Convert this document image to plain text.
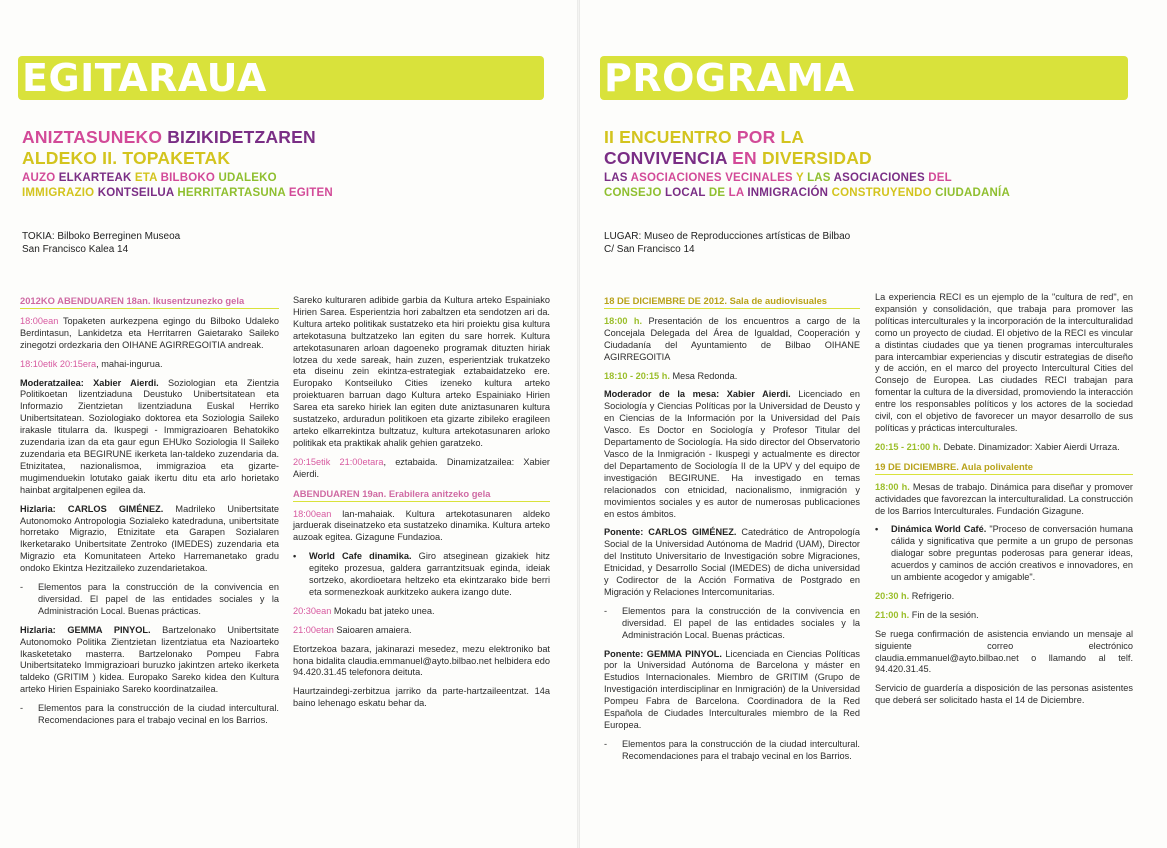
EGITARAUA
ANIZTASUNEKO BIZIKIDETZAREN
ALDEKO II. TOPAKETAK
AUZO ELKARTEAK ETA BILBOKO UDALEKO
IMMIGRAZIO KONTSEILUA HERRITARTASUNA EGITEN
TOKIA: Bilboko Berreginen Museoa
San Francisco Kalea 14
2012KO ABENDUAREN 18an. Ikusentzunezko gela

18:00ean Topaketen aurkezpena egingo du Bilboko Udaleko Berdintasun, Lankidetza eta Herritarren Gaietarako Saileko zinegotzi ordezkaria den OIHANE AGIRREGOITIA andreak.

18:10etik 20:15era, mahai-ingurua.

Moderatzailea: Xabier Aierdi. Soziologian eta Zientzia Politikoetan lizentziaduna Deustuko Unibertsitatean eta Informazio Zientzietan lizentziaduna Euskal Herriko Unibertsitatean. Soziologiako doktorea eta Soziologia Saileko irakasle titularra da. Ikuspegi - Immigrazioaren Behatokiko zuzendaria izan da eta gaur egun EHUko Soziologia II Saileko zuzendaria eta BEGIRUNE ikerketa lan-taldeko zuzendaria da. Etnizitatea, nazionalismoa, immigrazioa eta gizarte-mugimenduekin lotutako gaiak ikertu ditu eta arlo horietako hainbat argitalpenen egilea da.

Hizlaria: CARLOS GIMÉNEZ. Madrileko Unibertsitate Autonomoko Antropologia Sozialeko katedraduna, unibertsitate horretako Migrazio, Etnizitate eta Garapen Sozialaren Ikerketarako Unibertsitate Zentroko (IMEDES) zuzendaria eta Migrazio eta Komunitateen Arteko Harremanetako gradu ondoko Ekintza Hezitzaileko zuzendarietakoa.

-	Elementos para la construcción de la convivencia en diversidad. El papel de las entidades sociales y la Administración Local. Buenas prácticas.

Hizlaria: GEMMA PINYOL. Bartzelonako Unibertsitate Autonomoko Politika Zientzietan lizentziatua eta Nazioarteko Ikasketetako masterra. Bartzelonako Pompeu Fabra Unibertsitateko Immigrazioari buruzko jakintzen arteko ikerketa taldeko (GRITIM ) kidea. Europako Sareko kidea den Kultura arteko Hirien Espainiako Sareko koordinatzailea.

-	Elementos para la construcción de la ciudad intercultural. Recomendaciones para el trabajo vecinal en los Barrios.

Sareko kulturaren adibide garbia da Kultura arteko Espainiako Hirien Sarea. Esperientzia hori zabaltzen eta sendotzen ari da. Kultura arteko politikak sustatzeko eta hiri proiektu gisa kultura artekotasuna bultzatzeko lan egiten du sare horrek. Kultura artekotasunaren arloan dagoeneko programak dituzten hiriak lotzea du xede sareak, hain zuzen, esperientziak trukatzeko eta diseinu zein ekintza-estrategiak eztabaidatzeko ere. Europako Kontseiluko Cities izeneko kultura arteko proiektuaren barruan dago Kultura arteko Espainiako Hirien Sarea eta sareko hiriek lan egiten dute aniztasunaren kultura sustatzeko, arduradun politikoen eta gizarte zibileko eragileen arteko elkarrekintza bultzatuz, kultura artekotasunaren arloko politikak eta praktikak ahalik gehien garatzeko.

20:15etik 21:00etara, eztabaida. Dinamizatzailea: Xabier Aierdi.

ABENDUAREN 19an. Erabilera anitzeko gela

18:00ean lan-mahaiak. Kultura artekotasunaren aldeko jarduerak diseinatzeko eta sustatzeko dinamika. Kultura arteko auzoak egitea. Gizagune Fundazioa.

•	World Cafe dinamika. Giro atseginean gizakiek hitz egiteko prozesua, galdera garrantzitsuak eginda, ideiak sortzeko, akordioetara heltzeko eta ekintzarako bide berri eta sormenezkoak aurkitzeko aukera izango dute.

20:30ean Mokadu bat jateko unea.

21:00etan Saioaren amaiera.

Etortzekoa bazara, jakinarazi mesedez, mezu elektroniko bat hona bidalita claudia.emmanuel@ayto.bilbao.net helbidera edo 94.420.31.45 telefonora deituta.

Haurtzaindegi-zerbitzua jarriko da parte-hartzaileentzat. 14a baino lehenago eskatu behar da.

PROGRAMA
II ENCUENTRO POR LA
CONVIVENCIA EN DIVERSIDAD
LAS ASOCIACIONES VECINALES Y LAS ASOCIACIONES DEL
CONSEJO LOCAL DE LA INMIGRACIÓN CONSTRUYENDO CIUDADANÍA
LUGAR: Museo de Reproducciones artísticas de Bilbao
C/ San Francisco 14
18 DE DICIEMBRE DE 2012. Sala de audiovisuales

18:00 h. Presentación de los encuentros a cargo de la Concejala Delegada del Área de Igualdad, Cooperación y Ciudadanía del Ayuntamiento de Bilbao OIHANE AGIRREGOITIA

18:10 - 20:15 h. Mesa Redonda.

Moderador de la mesa: Xabier Aierdi. Licenciado en Sociología y Ciencias Políticas por la Universidad de Deusto y en Ciencias de la Información por la Universidad del País Vasco. Es Doctor en Sociología y Profesor Titular del Departamento de Sociología. Ha sido director del Observatorio Vasco de la Inmigración - Ikuspegi y actualmente es director del Departamento de Sociología II de la UPV y del equipo de investigación BEGIRUNE. Ha investigado en temas relacionados con etnicidad, nacionalismo, inmigración y movimientos sociales y es autor de numerosas publicaciones en estos ámbitos.

Ponente: CARLOS GIMÉNEZ. Catedrático de Antropología Social de la Universidad Autónoma de Madrid (UAM), Director del Instituto Universitario de Investigación sobre Migraciones, Etnicidad, y Desarrollo Social (IMEDES) de dicha universidad y Codirector de la Acción Formativa de Postgrado en Migración y Relaciones Intercomunitarias.

-	Elementos para la construcción de la convivencia en diversidad. El papel de las entidades sociales y la Administración Local. Buenas prácticas.

Ponente: GEMMA PINYOL. Licenciada en Ciencias Políticas por la Universidad Autónoma de Barcelona y máster en Estudios Internacionales. Miembro de GRITIM (Grupo de Investigación interdisciplinar en Inmigración) de la Universidad Pompeu Fabra de Barcelona. Coordinadora de la Red Española de Ciudades Interculturales miembro de la Red Europea.

-	Elementos para la construcción de la ciudad intercultural. Recomendaciones para el trabajo vecinal en los Barrios.

La experiencia RECI es un ejemplo de la "cultura de red", en expansión y consolidación, que trabaja para promover las políticas interculturales y la incorporación de la interculturalidad como un proyecto de ciudad. El objetivo de la RECI es vincular a distintas ciudades que ya tienen programas interculturales para intercambiar experiencias y discutir estrategias de diseño y de acción, en el marco del proyecto Intercultural Cities del Consejo de Europea. Las ciudades RECI trabajan para fomentar la cultura de la diversidad, promoviendo la interacción entre los responsables políticos y los actores de la sociedad civil, con el objetivo de favorecer un mayor desarrollo de sus políticas y prácticas interculturales.

20:15 - 21:00 h. Debate. Dinamizador: Xabier Aierdi Urraza.

19 DE DICIEMBRE. Aula polivalente

18:00 h. Mesas de trabajo. Dinámica para diseñar y promover actividades que favorezcan la interculturalidad. La construcción de los Barrios Interculturales. Fundación Gizagune.

•	Dinámica World Café. "Proceso de conversación humana cálida y significativa que permite a un grupo de personas dialogar sobre preguntas poderosas para generar ideas, acuerdos y caminos de acción creativos e innovadores, en un ambiente acogedor y amigable".

20:30 h. Refrigerio.

21:00 h. Fin de la sesión.

Se ruega confirmación de asistencia enviando un mensaje al siguiente correo electrónico claudia.emmanuel@ayto.bilbao.net o llamando al telf. 94.420.31.45.

Servicio de guardería a disposición de las personas asistentes que deberá ser solicitado hasta el 14 de Diciembre.
